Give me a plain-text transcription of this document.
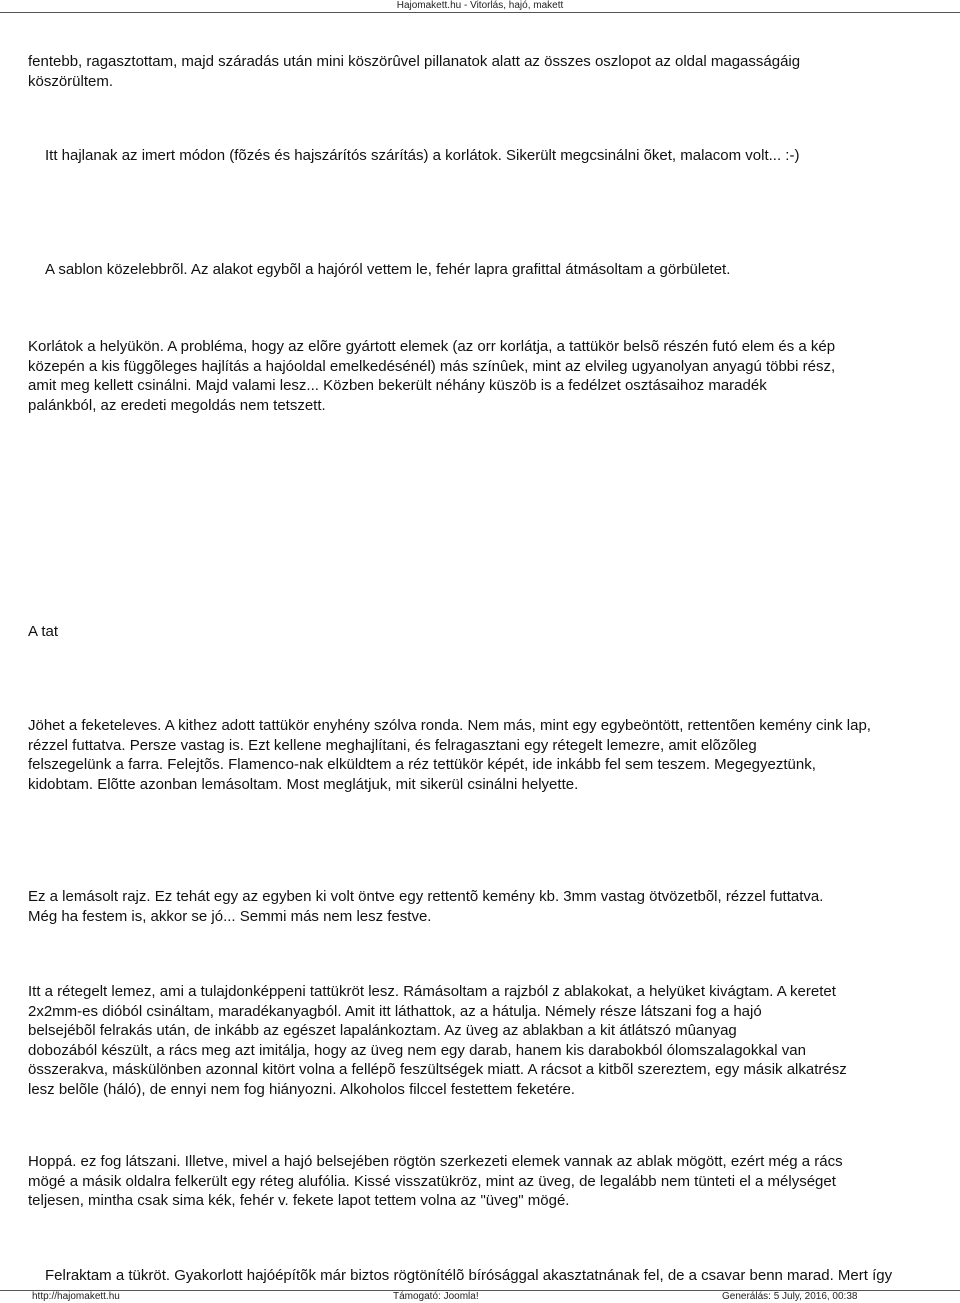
Hajomakett.hu - Vitorlás, hajó, makett

fentebb, ragasztottam, majd száradás után mini köszörûvel pillanatok alatt az összes oszlopot az oldal magasságáig
köszörültem.

Itt hajlanak az imert módon (fõzés és hajszárítós szárítás) a korlátok. Sikerült megcsinálni õket, malacom volt... :-)

A sablon közelebbrõl. Az alakot egybõl a hajóról vettem le, fehér lapra grafittal átmásoltam a görbületet.

Korlátok a helyükön. A probléma, hogy az elõre gyártott elemek (az orr korlátja, a tattükör belsõ részén futó elem és a kép
közepén a kis függõleges hajlítás a hajóoldal emelkedésénél) más színûek, mint az elvileg ugyanolyan anyagú többi rész,
amit meg kellett csinálni. Majd valami lesz... Közben bekerült néhány küszöb is a fedélzet osztásaihoz maradék
palánkból, az eredeti megoldás nem tetszett.

A tat

Jöhet a feketeleves. A kithez adott tattükör enyhény szólva ronda. Nem más, mint egy egybeöntött, rettentõen kemény cink lap,
rézzel futtatva. Persze vastag is. Ezt kellene meghajlítani, és felragasztani egy rétegelt lemezre, amit elõzõleg
felszegelünk a farra. Felejtõs. Flamenco-nak elküldtem a réz tettükör képét, ide inkább fel sem teszem. Megegyeztünk,
kidobtam. Elõtte azonban lemásoltam. Most meglátjuk, mit sikerül csinálni helyette.

Ez a lemásolt rajz. Ez tehát egy az egyben ki volt öntve egy rettentõ kemény kb. 3mm vastag ötvözetbõl, rézzel futtatva.
Még ha festem is, akkor se jó... Semmi más nem lesz festve.

Itt a rétegelt lemez, ami a tulajdonképpeni tattükröt lesz. Rámásoltam a rajzból z ablakokat, a helyüket kivágtam. A keretet
2x2mm-es dióból csináltam, maradékanyagból. Amit itt láthattok, az a hátulja. Némely része látszani fog a hajó
belsejébõl felrakás után, de inkább az egészet lapalánkoztam. Az üveg az ablakban a kit átlátszó mûanyag
dobozából készült, a rács meg azt imitálja, hogy az üveg nem egy darab, hanem kis darabokból ólomszalagokkal van
összerakva, máskülönben azonnal kitört volna a fellépõ feszültségek miatt. A rácsot a kitbõl szereztem, egy másik alkatrész
lesz belõle (háló), de ennyi nem fog hiányozni. Alkoholos filccel festettem feketére.

Hoppá. ez fog látszani. Illetve, mivel a hajó belsejében rögtön szerkezeti elemek vannak az ablak mögött, ezért még a rács
mögé a másik oldalra felkerült egy réteg alufólia. Kissé visszatükröz, mint az üveg, de legalább nem tünteti el a mélységet
teljesen, mintha csak sima kék, fehér v. fekete lapot tettem volna az "üveg" mögé.

Felraktam a tükröt. Gyakorlott hajóépítõk már biztos rögtönítélõ bírósággal akasztatnának fel, de a csavar benn marad. Mert így

http://hajomakett.hu	Támogató: Joomla!	Generálás: 5 July, 2016, 00:38
